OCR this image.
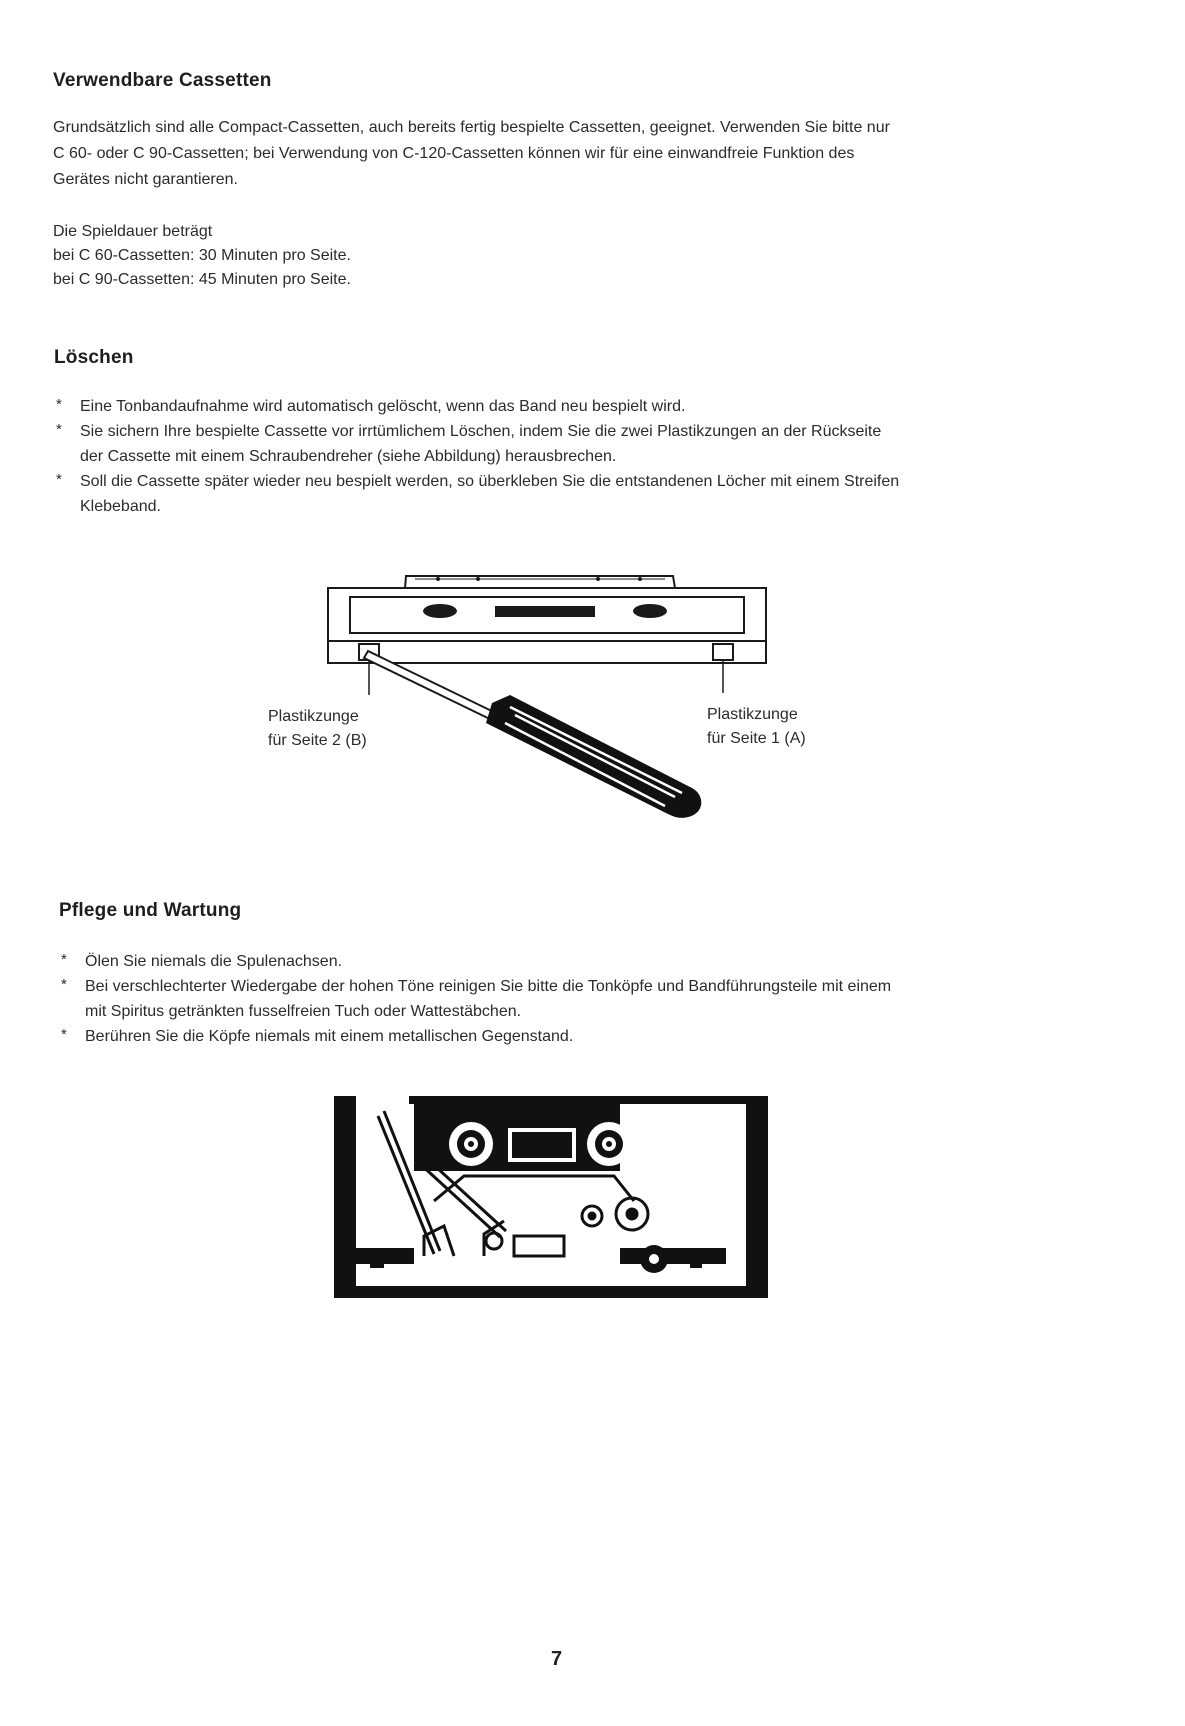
Verwendbare Cassetten
Grundsätzlich sind alle Compact-Cassetten, auch bereits fertig bespielte Cassetten, geeignet. Verwenden Sie bitte nur
C 60- oder C 90-Cassetten; bei Verwendung von C-120-Cassetten können wir für eine einwandfreie Funktion des
Gerätes nicht garantieren.
Die Spieldauer beträgt
bei C 60-Cassetten: 30 Minuten pro Seite.
bei C 90-Cassetten: 45 Minuten pro Seite.
Löschen
* Eine Tonbandaufnahme wird automatisch gelöscht, wenn das Band neu bespielt wird.
* Sie sichern Ihre bespielte Cassette vor irrtümlichem Löschen, indem Sie die zwei Plastikzungen an der Rückseite
der Cassette mit einem Schraubendreher (siehe Abbildung) herausbrechen.
* Soll die Cassette später wieder neu bespielt werden, so überkleben Sie die entstandenen Löcher mit einem Streifen
Klebeband.
Plastikzunge
für Seite 2 (B)
Plastikzunge
für Seite 1 (A)
Pflege und Wartung
* Ölen Sie niemals die Spulenachsen.
* Bei verschlechterter Wiedergabe der hohen Töne reinigen Sie bitte die Tonköpfe und Bandführungsteile mit einem
mit Spiritus getränkten fusselfreien Tuch oder Wattestäbchen.
* Berühren Sie die Köpfe niemals mit einem metallischen Gegenstand.
7
